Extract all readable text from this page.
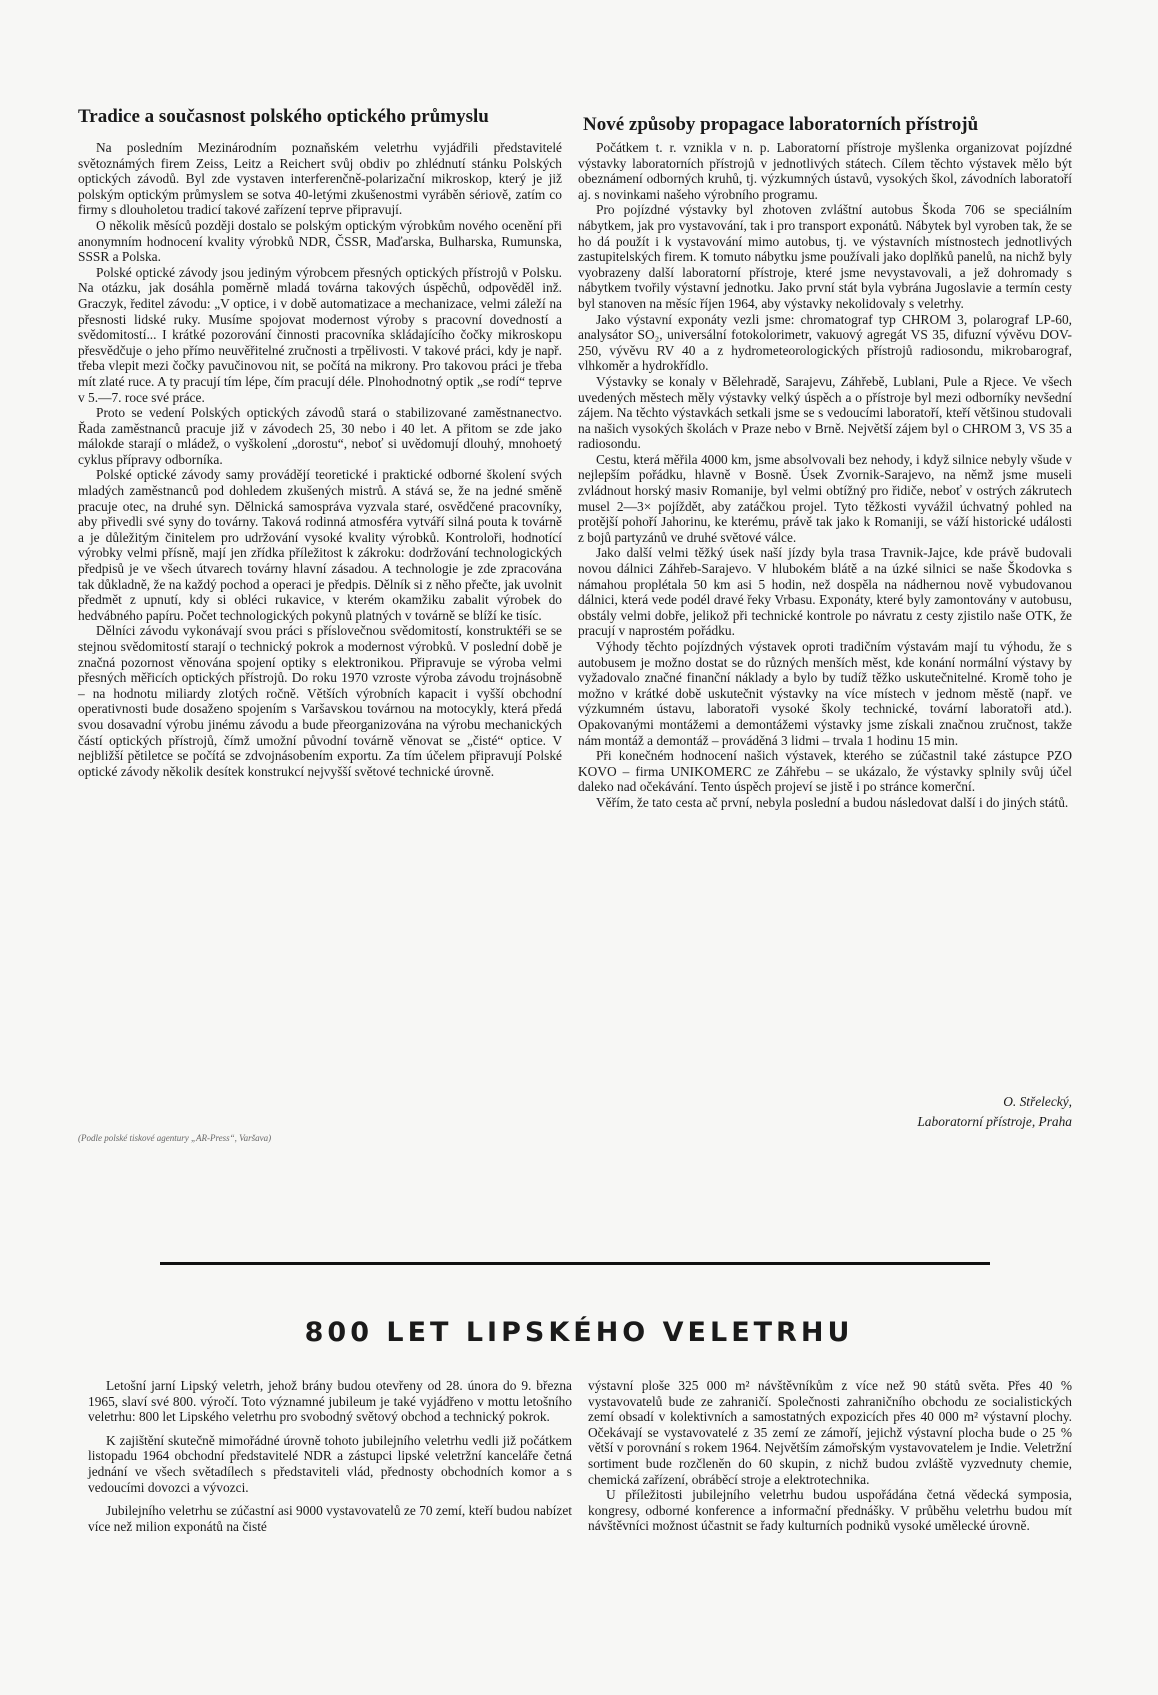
Tradice a současnost polského optického průmyslu

Na posledním Mezinárodním poznaňském veletrhu vyjádřili představitelé světoznámých firem Zeiss, Leitz a Reichert svůj obdiv po zhlédnutí stánku Polských optických závodů. Byl zde vystaven interferenčně-polarizační mikroskop, který je již polským optickým průmyslem se sotva 40-letými zkušenostmi vyráběn sériově, zatím co firmy s dlouholetou tradicí takové zařízení teprve připravují.

O několik měsíců později dostalo se polským optickým výrobkům nového ocenění při anonymním hodnocení kvality výrobků NDR, ČSSR, Maďarska, Bulharska, Rumunska, SSSR a Polska.

Polské optické závody jsou jediným výrobcem přesných optických přístrojů v Polsku. Na otázku, jak dosáhla poměrně mladá továrna takových úspěchů, odpověděl inž. Graczyk, ředitel závodu: „V optice, i v době automatizace a mechanizace, velmi záleží na přesnosti lidské ruky. Musíme spojovat modernost výroby s pracovní dovedností a svědomitostí... I krátké pozorování činnosti pracovníka skládajícího čočky mikroskopu přesvědčuje o jeho přímo neuvěřitelné zručnosti a trpělivosti. V takové práci, kdy je např. třeba vlepit mezi čočky pavučinovou nit, se počítá na mikrony. Pro takovou práci je třeba mít zlaté ruce. A ty pracují tím lépe, čím pracují déle. Plnohodnotný optik „se rodí“ teprve v 5.—7. roce své práce.

Proto se vedení Polských optických závodů stará o stabilizované zaměstnanectvo. Řada zaměstnanců pracuje již v závodech 25, 30 nebo i 40 let. A přitom se zde jako málokde starají o mládež, o vyškolení „dorostu“, neboť si uvědomují dlouhý, mnohoetý cyklus přípravy odborníka.

Polské optické závody samy provádějí teoretické i praktické odborné školení svých mladých zaměstnanců pod dohledem zkušených mistrů. A stává se, že na jedné směně pracuje otec, na druhé syn. Dělnická samospráva vyzvala staré, osvědčené pracovníky, aby přivedli své syny do továrny. Taková rodinná atmosféra vytváří silná pouta k továrně a je důležitým činitelem pro udržování vysoké kvality výrobků. Kontroloři, hodnotící výrobky velmi přísně, mají jen zřídka příležitost k zákroku: dodržování technologických předpisů je ve všech útvarech továrny hlavní zásadou. A technologie je zde zpracována tak důkladně, že na každý pochod a operaci je předpis. Dělník si z něho přečte, jak uvolnit předmět z upnutí, kdy si obléci rukavice, v kterém okamžiku zabalit výrobek do hedvábného papíru. Počet technologických pokynů platných v továrně se blíží ke tisíc.

Dělníci závodu vykonávají svou práci s příslovečnou svědomitostí, konstruktéři se se stejnou svědomitostí starají o technický pokrok a modernost výrobků. V poslední době je značná pozornost věnována spojení optiky s elektronikou. Připravuje se výroba velmi přesných měřicích optických přístrojů. Do roku 1970 vzroste výroba závodu trojnásobně – na hodnotu miliardy zlotých ročně. Větších výrobních kapacit i vyšší obchodní operativnosti bude dosaženo spojením s Varšavskou továrnou na motocykly, která předá svou dosavadní výrobu jinému závodu a bude přeorganizována na výrobu mechanických částí optických přístrojů, čímž umožní původní továrně věnovat se „čisté“ optice. V nejbližší pětiletce se počítá se zdvojnásobením exportu. Za tím účelem připravují Polské optické závody několik desítek konstrukcí nejvyšší světové technické úrovně.

(Podle polské tiskové agentury „AR-Press“, Varšava)
Nové způsoby propagace laboratorních přístrojů

Počátkem t. r. vznikla v n. p. Laboratorní přístroje myšlenka organizovat pojízdné výstavky laboratorních přístrojů v jednotlivých státech. Cílem těchto výstavek mělo být obeznámení odborných kruhů, tj. výzkumných ústavů, vysokých škol, závodních laboratoří aj. s novinkami našeho výrobního programu.

Pro pojízdné výstavky byl zhotoven zvláštní autobus Škoda 706 se speciálním nábytkem, jak pro vystavování, tak i pro transport exponátů. Nábytek byl vyroben tak, že se ho dá použít i k vystavování mimo autobus, tj. ve výstavních místnostech jednotlivých zastupitelských firem. K tomuto nábytku jsme používali jako doplňků panelů, na nichž byly vyobrazeny další laboratorní přístroje, které jsme nevystavovali, a jež dohromady s nábytkem tvořily výstavní jednotku. Jako první stát byla vybrána Jugoslavie a termín cesty byl stanoven na měsíc říjen 1964, aby výstavky nekolidovaly s veletrhy.

Jako výstavní exponáty vezli jsme: chromatograf typ CHROM 3, polarograf LP-60, analysátor SO₂, universální fotokolorimetr, vakuový agregát VS 35, difuzní vývěvu DOV-250, vývěvu RV 40 a z hydrometeorologických přístrojů radiosondu, mikrobarograf, vlhkoměr a hydrokřídlo.

Výstavky se konaly v Bělehradě, Sarajevu, Záhřebě, Lublani, Pule a Rjece. Ve všech uvedených městech měly výstavky velký úspěch a o přístroje byl mezi odborníky nevšední zájem. Na těchto výstavkách setkali jsme se s vedoucími laboratoří, kteří většinou studovali na našich vysokých školách v Praze nebo v Brně. Největší zájem byl o CHROM 3, VS 35 a radiosondu.

Cestu, která měřila 4000 km, jsme absolvovali bez nehody, i když silnice nebyly všude v nejlepším pořádku, hlavně v Bosně. Úsek Zvornik-Sarajevo, na němž jsme museli zvládnout horský masiv Romanije, byl velmi obtížný pro řidiče, neboť v ostrých zákrutech musel 2—3× pojíždět, aby zatáčkou projel. Tyto těžkosti vyvážil úchvatný pohled na protější pohoří Jahorinu, ke kterému, právě tak jako k Romaniji, se váží historické události z bojů partyzánů ve druhé světové válce.

Jako další velmi těžký úsek naší jízdy byla trasa Travnik-Jajce, kde právě budovali novou dálnici Záhřeb-Sarajevo. V hlubokém blátě a na úzké silnici se naše Škodovka s námahou proplétala 50 km asi 5 hodin, než dospěla na nádhernou nově vybudovanou dálnici, která vede podél dravé řeky Vrbasu. Exponáty, které byly zamontovány v autobusu, obstály velmi dobře, jelikož při technické kontrole po návratu z cesty zjistilo naše OTK, že pracují v naprostém pořádku.

Výhody těchto pojízdných výstavek oproti tradičním výstavám mají tu výhodu, že s autobusem je možno dostat se do různých menších měst, kde konání normální výstavy by vyžadovalo značné finanční náklady a bylo by tudíž těžko uskutečnitelné. Kromě toho je možno v krátké době uskutečnit výstavky na více místech v jednom městě (např. ve výzkumném ústavu, laboratoři vysoké školy technické, tovární laboratoři atd.). Opakovanými montážemi a demontážemi výstavky jsme získali značnou zručnost, takže nám montáž a demontáž – prováděná 3 lidmi – trvala 1 hodinu 15 min.

Při konečném hodnocení našich výstavek, kterého se zúčastnil také zástupce PZO KOVO – firma UNIKOMERC ze Záhřebu – se ukázalo, že výstavky splnily svůj účel daleko nad očekávání. Tento úspěch projeví se jistě i po stránce komerční.

Věřím, že tato cesta ač první, nebyla poslední a budou následovat další i do jiných států.

O. Střelecký,
Laboratorní přístroje, Praha
800 LET LIPSKÉHO VELETRHU

Letošní jarní Lipský veletrh, jehož brány budou otevřeny od 28. února do 9. března 1965, slaví své 800. výročí. Toto významné jubileum je také vyjádřeno v mottu letošního veletrhu: 800 let Lipského veletrhu pro svobodný světový obchod a technický pokrok.

K zajištění skutečně mimořádné úrovně tohoto jubilejního veletrhu vedli již počátkem listopadu 1964 obchodní představitelé NDR a zástupci lipské veletržní kanceláře četná jednání ve všech světadílech s představiteli vlád, přednosty obchodních komor a s vedoucími dovozci a vývozci.

Jubilejního veletrhu se zúčastní asi 9000 vystavovatelů ze 70 zemí, kteří budou nabízet více než milion exponátů na čisté

výstavní ploše 325 000 m² návštěvníkům z více než 90 států světa. Přes 40 % vystavovatelů bude ze zahraničí. Společnosti zahraničního obchodu ze socialistických zemí obsadí v kolektivních a samostatných expozicích přes 40 000 m² výstavní plochy. Očekávají se vystavovatelé z 35 zemí ze zámoří, jejichž výstavní plocha bude o 25 % větší v porovnání s rokem 1964. Největším zámořským vystavovatelem je Indie. Veletržní sortiment bude rozčleněn do 60 skupin, z nichž budou zvláště vyzvednuty chemie, chemická zařízení, obráběcí stroje a elektrotechnika.

U příležitosti jubilejního veletrhu budou uspořádána četná vědecká symposia, kongresy, odborné konference a informační přednášky. V průběhu veletrhu budou mít návštěvníci možnost účastnit se řady kulturních podniků vysoké umělecké úrovně.
